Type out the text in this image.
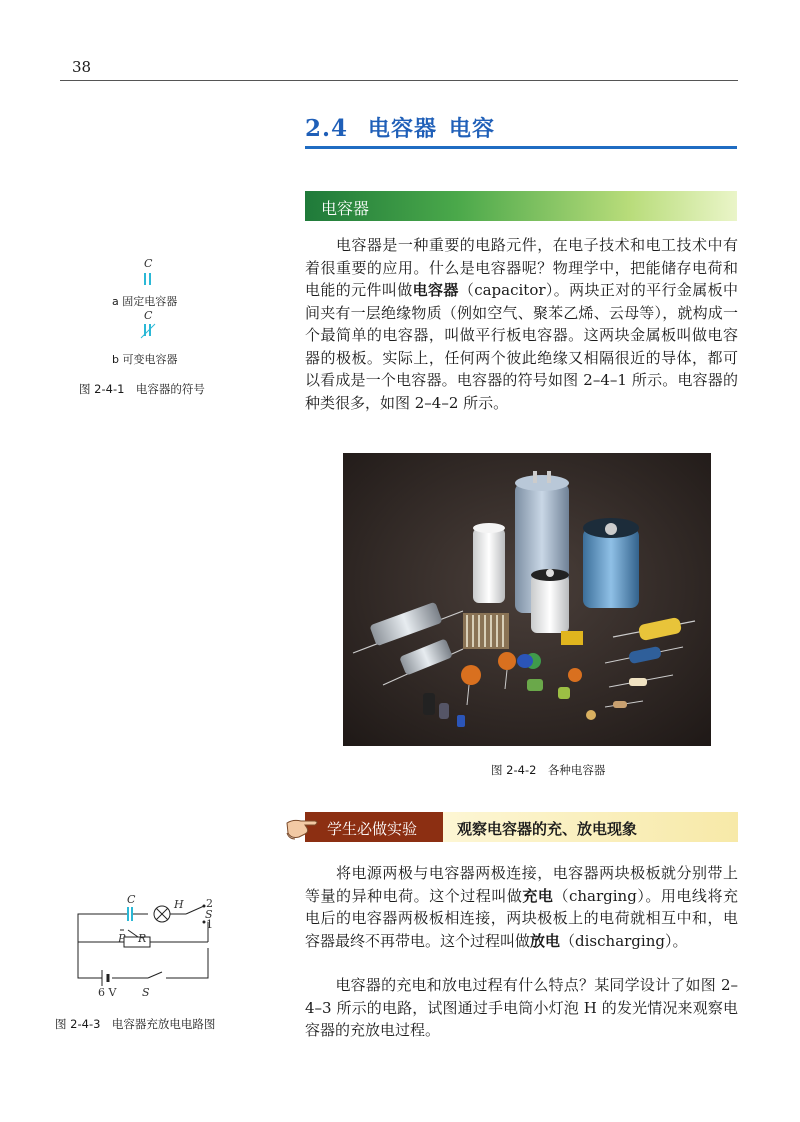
38
2.4 电容器 电容
电容器

　　电容器是一种重要的电路元件，在电子技术和电工技术中有着很重要的应用。什么是电容器呢？物理学中，把能储存电荷和电能的元件叫做电容器（capacitor）。两块正对的平行金属板中间夹有一层绝缘物质（例如空气、聚苯乙烯、云母等），就构成一个最简单的电容器，叫做平行板电容器。这两块金属板叫做电容器的极板。实际上，任何两个彼此绝缘又相隔很近的导体，都可以看成是一个电容器。电容器的符号如图 2–4–1 所示。电容器的种类很多，如图 2–4–2 所示。

C
a 固定电容器
C
b 可变电容器
图 2-4-1　电容器的符号
图 2-4-2　各种电容器
学生必做实验	观察电容器的充、放电现象

　　将电源两极与电容器两极连接，电容器两块极板就分别带上等量的异种电荷。这个过程叫做充电（charging）。用电线将充电后的电容器两极板相连接，两块极板上的电荷就相互中和，电容器最终不再带电。这个过程叫做放电（discharging）。

　　电容器的充电和放电过程有什么特点？某同学设计了如图 2–4–3 所示的电路，试图通过手电筒小灯泡 H 的发光情况来观察电容器的充放电过程。

C	H 2
S
1
P R
6 V S
图 2-4-3　电容器充放电电路图
